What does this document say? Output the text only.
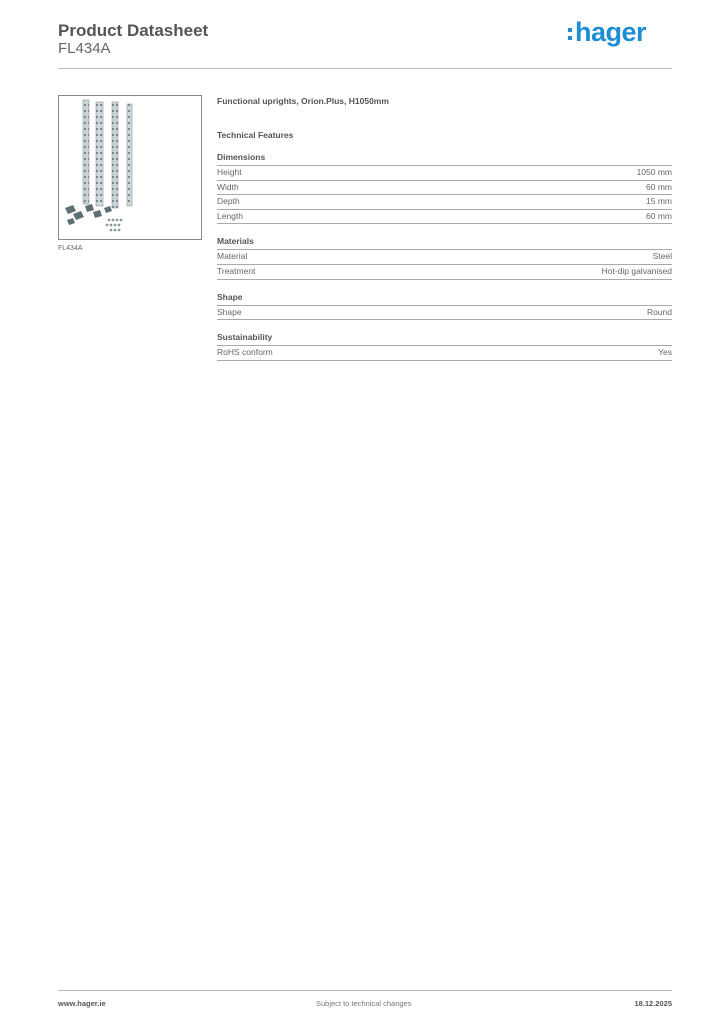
Product Datasheet
FL434A
hager
FL434A
Functional uprights, Orion.Plus, H1050mm
Technical Features
Dimensions
Height	1050 mm
Width	60 mm
Depth	15 mm
Length	60 mm
Materials
Material	Steel
Treatment	Hot-dip galvanised
Shape
Shape	Round
Sustainability
RoHS conform	Yes
www.hager.ie	Subject to technical changes	18.12.2025
